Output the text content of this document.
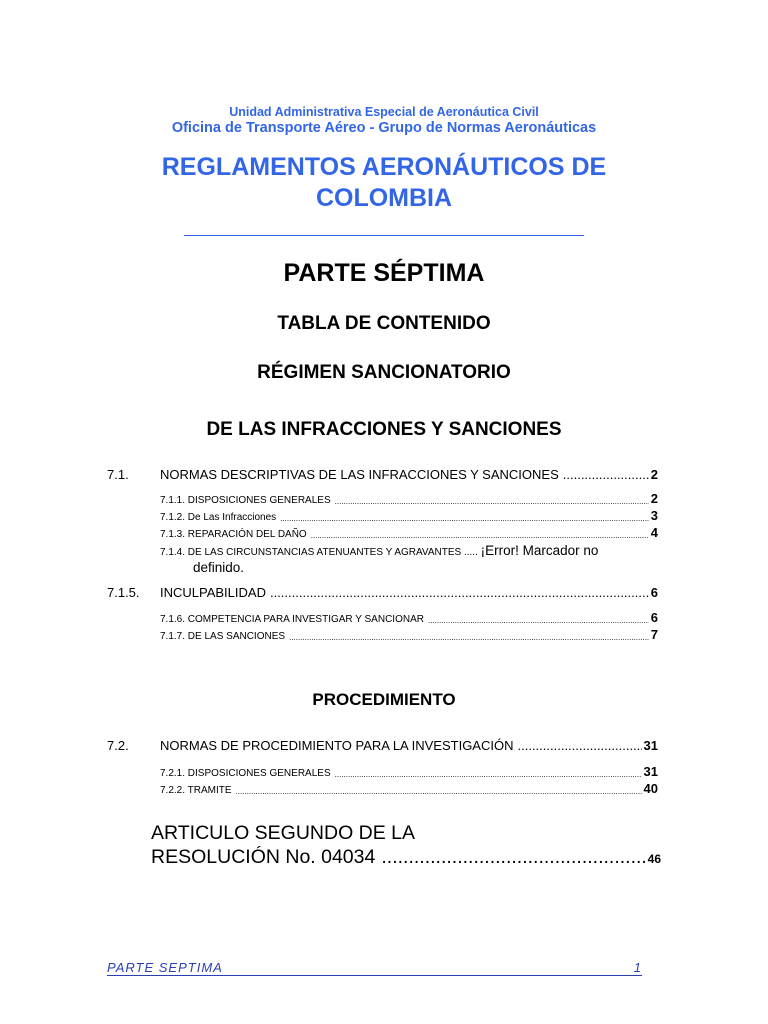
Unidad Administrativa Especial de Aeronáutica Civil
Oficina de Transporte Aéreo - Grupo de Normas Aeronáuticas
REGLAMENTOS AERONÁUTICOS DE
COLOMBIA
PARTE SÉPTIMA
TABLA DE CONTENIDO
RÉGIMEN SANCIONATORIO
DE LAS INFRACCIONES Y SANCIONES
7.1.	NORMAS DESCRIPTIVAS DE LAS INFRACCIONES Y SANCIONES .....	2
7.1.1. DISPOSICIONES GENERALES .....	2
7.1.2. De Las Infracciones .....	3
7.1.3. REPARACIÓN DEL DAÑO .....	4
7.1.4. DE LAS CIRCUNSTANCIAS ATENUANTES Y AGRAVANTES ..... ¡Error! Marcador no
definido.
7.1.5.	INCULPABILIDAD .....	6
7.1.6. COMPETENCIA PARA INVESTIGAR Y SANCIONAR .....	6
7.1.7. DE LAS SANCIONES .....	7
PROCEDIMIENTO
7.2.	NORMAS DE PROCEDIMIENTO PARA LA INVESTIGACIÓN .....	31
7.2.1. DISPOSICIONES GENERALES .....	31
7.2.2. TRAMITE .....	40
ARTICULO SEGUNDO DE LA
RESOLUCIÓN No. 04034 .....	46
PARTE SEPTIMA	1
